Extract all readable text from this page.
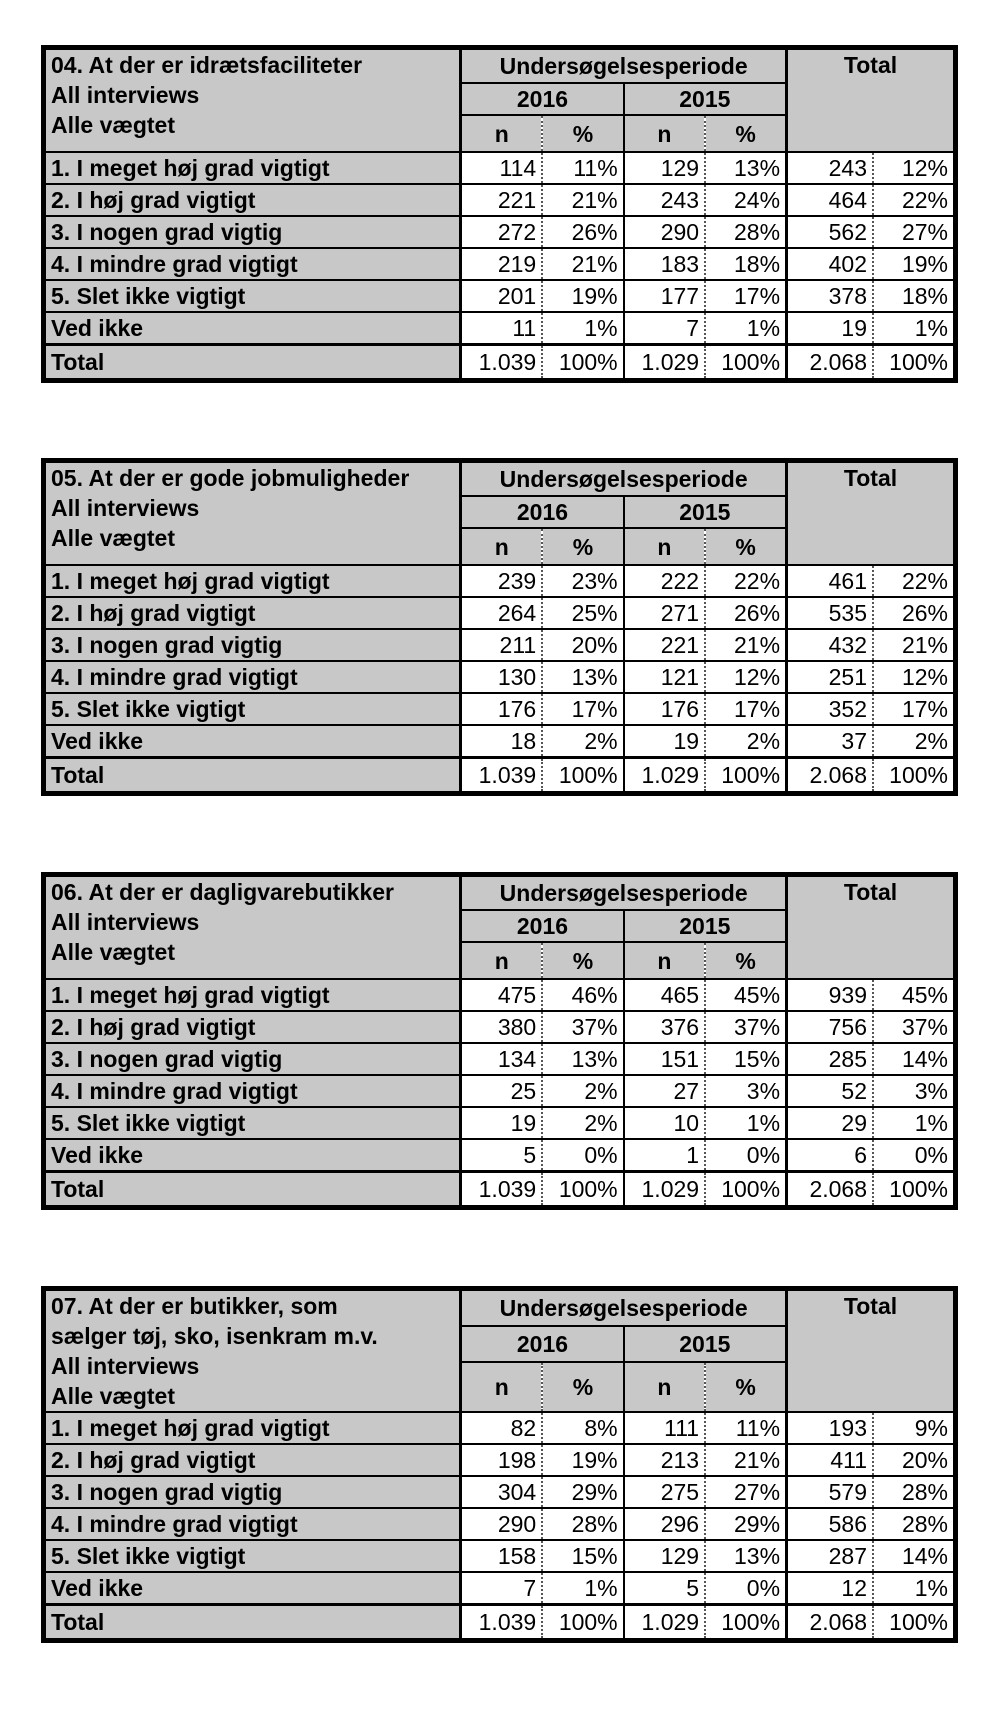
04. At der er idrætsfaciliteter
All interviews
Alle vægtet	Undersøgelsesperiode				Total	
	2016		2015			
	n	%	n	%		
1. I meget høj grad vigtigt	114	11%	129	13%	243	12%
2. I høj grad vigtigt	221	21%	243	24%	464	22%
3. I nogen grad vigtig	272	26%	290	28%	562	27%
4. I mindre grad vigtigt	219	21%	183	18%	402	19%
5. Slet ikke vigtigt	201	19%	177	17%	378	18%
Ved ikke	11	1%	7	1%	19	1%
Total	1.039	100%	1.029	100%	2.068	100%
05. At der er gode jobmuligheder
All interviews
Alle vægtet	Undersøgelsesperiode				Total	
	2016		2015			
	n	%	n	%		
1. I meget høj grad vigtigt	239	23%	222	22%	461	22%
2. I høj grad vigtigt	264	25%	271	26%	535	26%
3. I nogen grad vigtig	211	20%	221	21%	432	21%
4. I mindre grad vigtigt	130	13%	121	12%	251	12%
5. Slet ikke vigtigt	176	17%	176	17%	352	17%
Ved ikke	18	2%	19	2%	37	2%
Total	1.039	100%	1.029	100%	2.068	100%
06. At der er dagligvarebutikker
All interviews
Alle vægtet	Undersøgelsesperiode				Total	
	2016		2015			
	n	%	n	%		
1. I meget høj grad vigtigt	475	46%	465	45%	939	45%
2. I høj grad vigtigt	380	37%	376	37%	756	37%
3. I nogen grad vigtig	134	13%	151	15%	285	14%
4. I mindre grad vigtigt	25	2%	27	3%	52	3%
5. Slet ikke vigtigt	19	2%	10	1%	29	1%
Ved ikke	5	0%	1	0%	6	0%
Total	1.039	100%	1.029	100%	2.068	100%
07. At der er butikker, som
sælger tøj, sko, isenkram m.v.
All interviews
Alle vægtet	Undersøgelsesperiode				Total	
	2016		2015			
	n	%	n	%		
1. I meget høj grad vigtigt	82	8%	111	11%	193	9%
2. I høj grad vigtigt	198	19%	213	21%	411	20%
3. I nogen grad vigtig	304	29%	275	27%	579	28%
4. I mindre grad vigtigt	290	28%	296	29%	586	28%
5. Slet ikke vigtigt	158	15%	129	13%	287	14%
Ved ikke	7	1%	5	0%	12	1%
Total	1.039	100%	1.029	100%	2.068	100%
